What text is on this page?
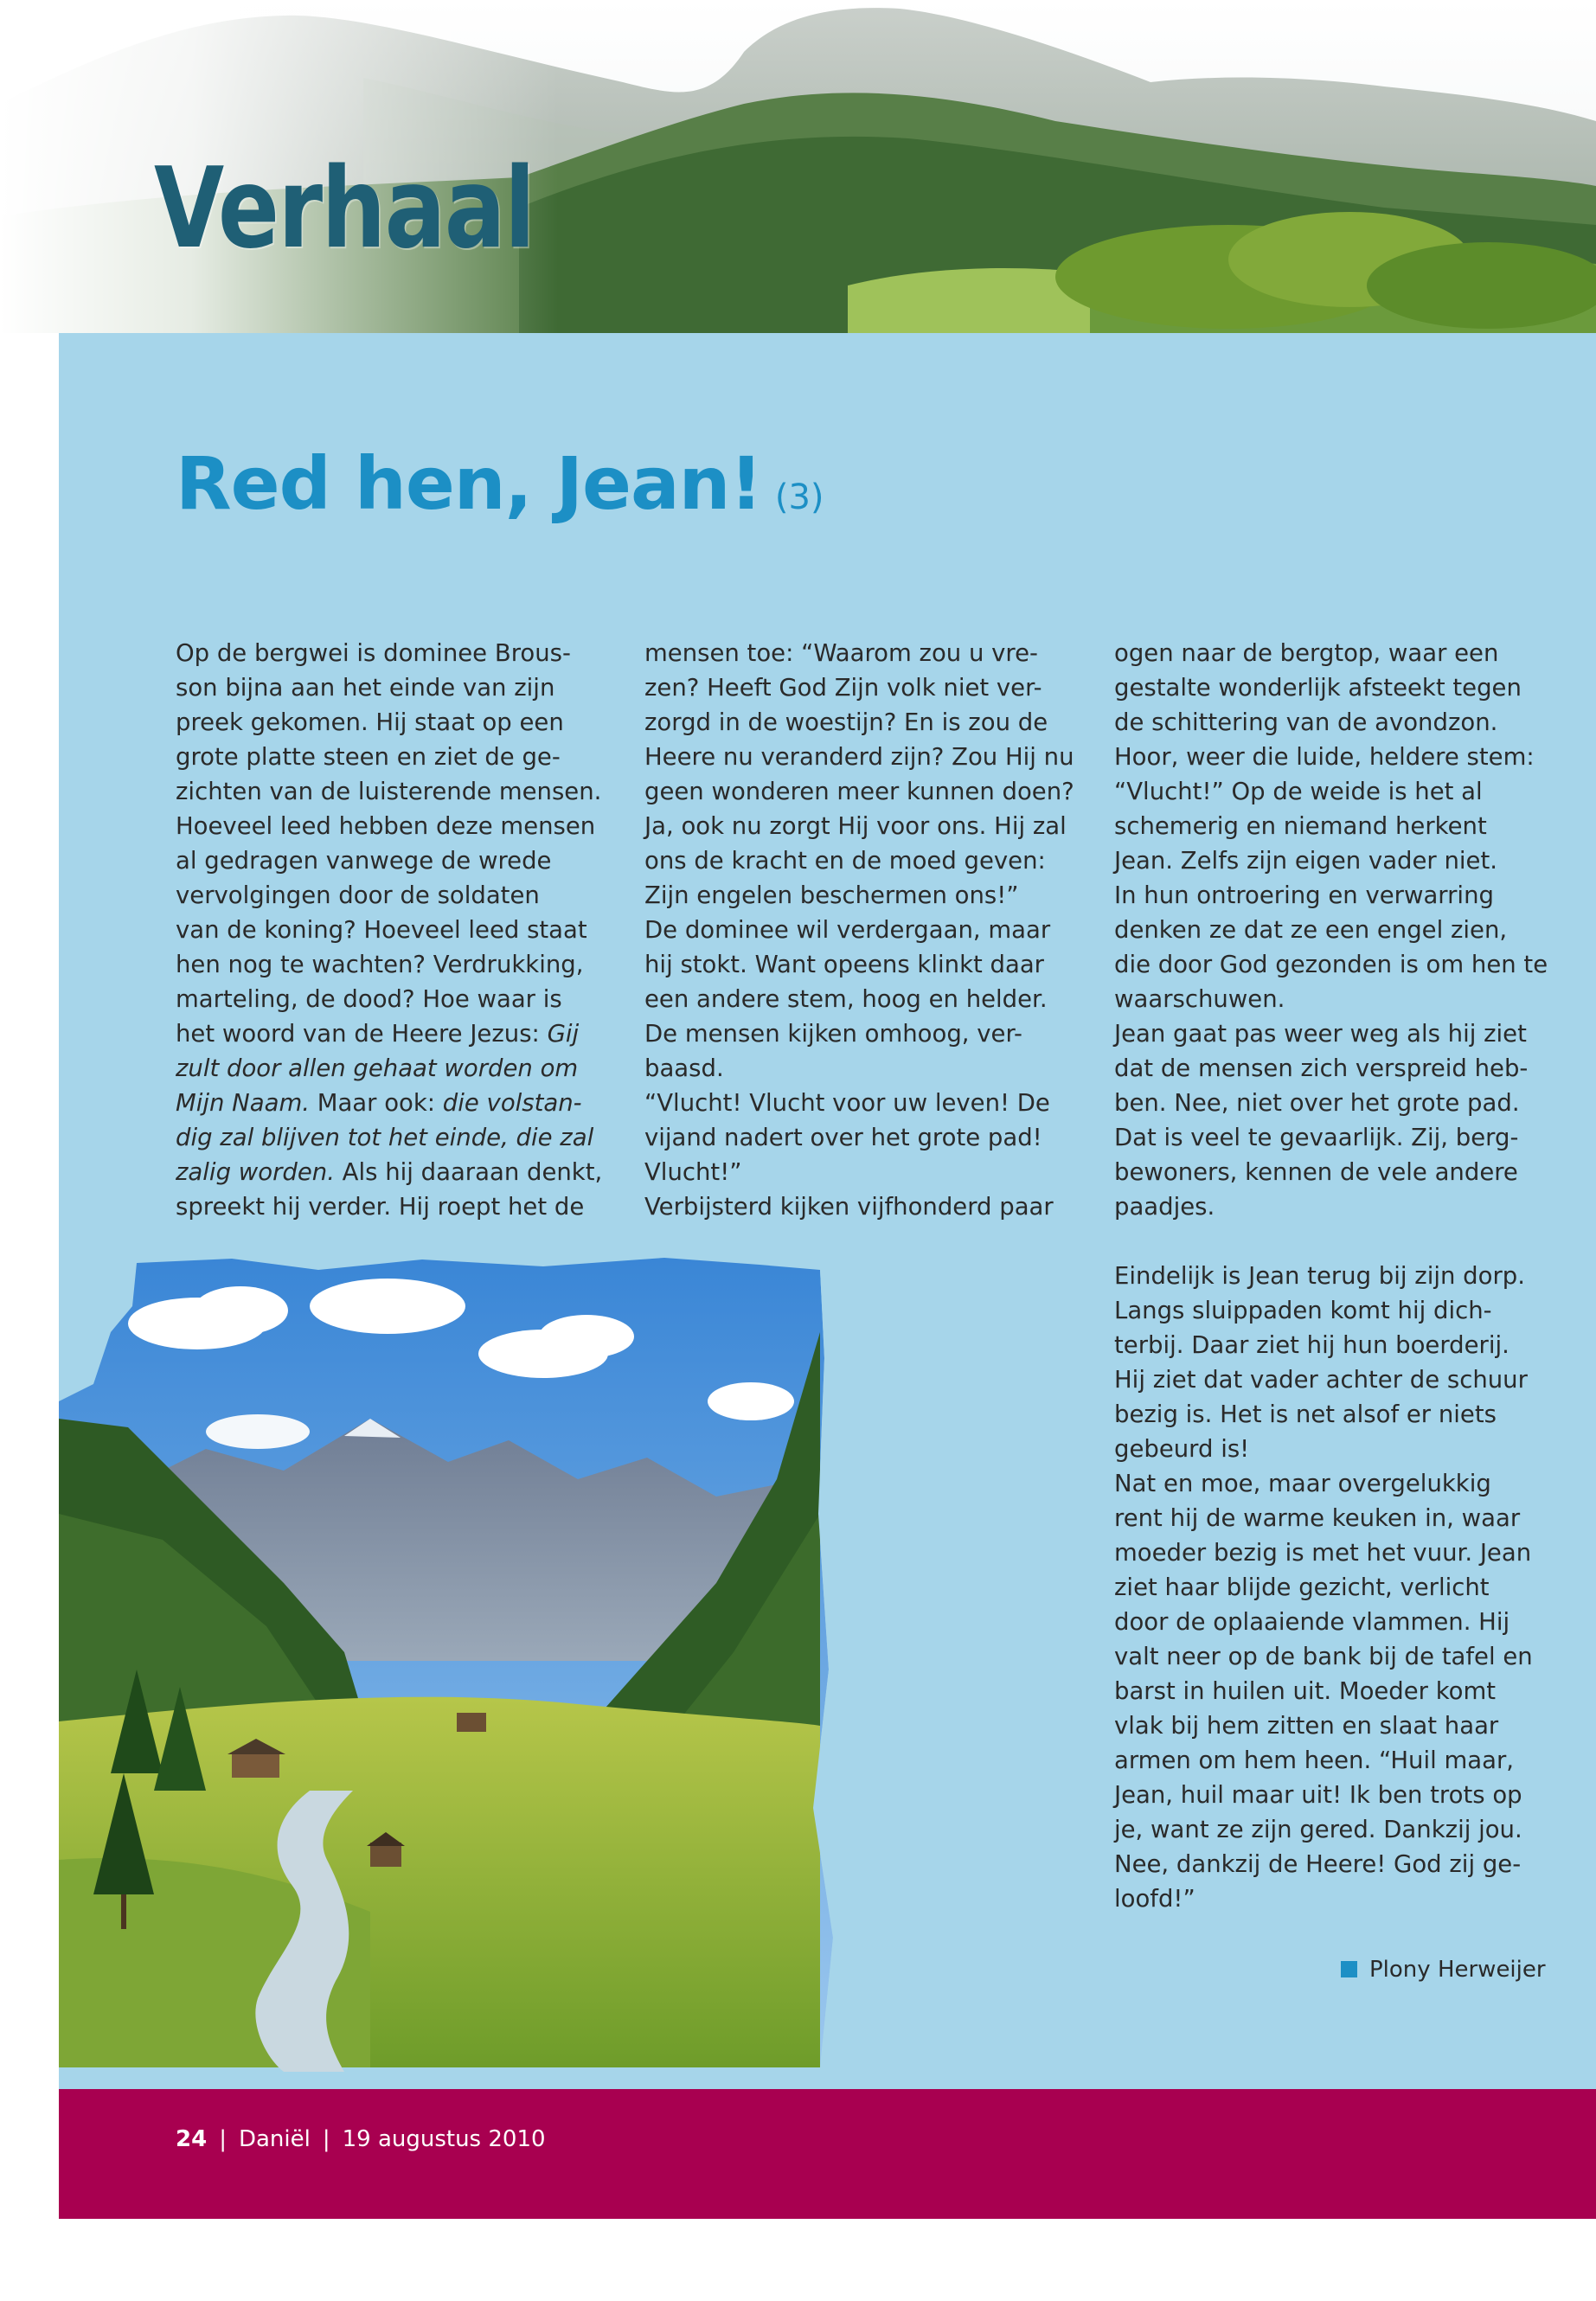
Verhaal
Red hen, Jean! (3)
Op de bergwei is dominee Brous-
son bijna aan het einde van zijn
preek gekomen. Hij staat op een
grote platte steen en ziet de ge-
zichten van de luisterende mensen.
Hoeveel leed hebben deze mensen
al gedragen vanwege de wrede
vervolgingen door de soldaten
van de koning? Hoeveel leed staat
hen nog te wachten? Verdrukking,
marteling, de dood? Hoe waar is
het woord van de Heere Jezus: Gij
zult door allen gehaat worden om
Mijn Naam. Maar ook: die volstan-
dig zal blijven tot het einde, die zal
zalig worden. Als hij daaraan denkt,
spreekt hij verder. Hij roept het de
mensen toe: “Waarom zou u vre-
zen? Heeft God Zijn volk niet ver-
zorgd in de woestijn? En is zou de
Heere nu veranderd zijn? Zou Hij nu
geen wonderen meer kunnen doen?
Ja, ook nu zorgt Hij voor ons. Hij zal
ons de kracht en de moed geven:
Zijn engelen beschermen ons!”
De dominee wil verdergaan, maar
hij stokt. Want opeens klinkt daar
een andere stem, hoog en helder.
De mensen kijken omhoog, ver-
baasd.
“Vlucht! Vlucht voor uw leven! De
vijand nadert over het grote pad!
Vlucht!”
Verbijsterd kijken vijfhonderd paar
ogen naar de bergtop, waar een
gestalte wonderlijk afsteekt tegen
de schittering van de avondzon.
Hoor, weer die luide, heldere stem:
“Vlucht!” Op de weide is het al
schemerig en niemand herkent
Jean. Zelfs zijn eigen vader niet.
In hun ontroering en verwarring
denken ze dat ze een engel zien,
die door God gezonden is om hen te
waarschuwen.
Jean gaat pas weer weg als hij ziet
dat de mensen zich verspreid heb-
ben. Nee, niet over het grote pad.
Dat is veel te gevaarlijk. Zij, berg-
bewoners, kennen de vele andere
paadjes.
Eindelijk is Jean terug bij zijn dorp.
Langs sluippaden komt hij dich-
terbij. Daar ziet hij hun boerderij.
Hij ziet dat vader achter de schuur
bezig is. Het is net alsof er niets
gebeurd is!
Nat en moe, maar overgelukkig
rent hij de warme keuken in, waar
moeder bezig is met het vuur. Jean
ziet haar blijde gezicht, verlicht
door de oplaaiende vlammen. Hij
valt neer op de bank bij de tafel en
barst in huilen uit. Moeder komt
vlak bij hem zitten en slaat haar
armen om hem heen. “Huil maar,
Jean, huil maar uit! Ik ben trots op
je, want ze zijn gered. Dankzij jou.
Nee, dankzij de Heere! God zij ge-
loofd!”
Plony Herweijer
24 | Daniël | 19 augustus 2010
